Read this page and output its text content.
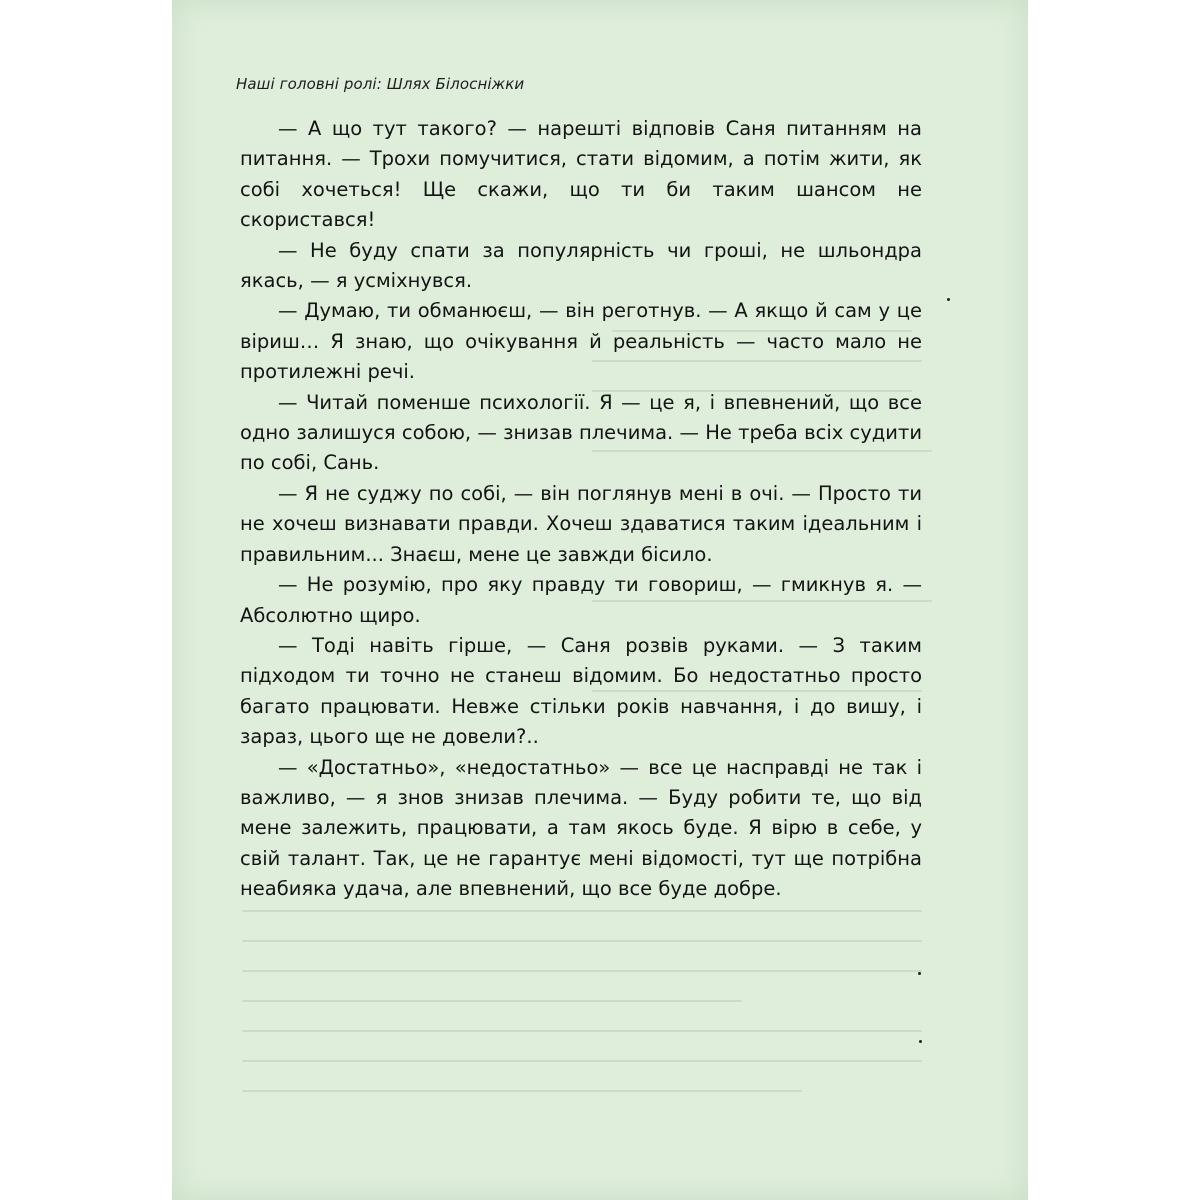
Наші головні ролі: Шлях Білосніжки

— А що тут такого? — нарешті відповів Саня питанням на питання. — Трохи помучитися, стати відомим, а потім жити, як собі хочеться! Ще скажи, що ти би таким шансом не скористався!

— Не буду спати за популярність чи гроші, не шльондра якась, — я усміхнувся.

— Думаю, ти обманюєш, — він реготнув. — А якщо й сам у це віриш… Я знаю, що очікування й реальність — часто мало не протилежні речі.

— Читай поменше психології. Я — це я, і впевнений, що все одно залишуся собою, — знизав плечима. — Не треба всіх судити по собі, Сань.

— Я не суджу по собі, — він поглянув мені в очі. — Просто ти не хочеш визнавати правди. Хочеш здаватися таким ідеальним і правильним... Знаєш, мене це завжди бісило.

— Не розумію, про яку правду ти говориш, — гмикнув я. — Абсолютно щиро.

— Тоді навіть гірше, — Саня розвів руками. — З таким підходом ти точно не станеш відомим. Бо недостатньо просто багато працювати. Невже стільки років навчання, і до вишу, і зараз, цього ще не довели?..

— «Достатньо», «недостатньо» — все це насправді не так і важливо, — я знов знизав плечима. — Буду робити те, що від мене залежить, працювати, а там якось буде. Я вірю в себе, у свій талант. Так, це не гарантує мені відомості, тут ще потрібна неабияка удача, але впевнений, що все буде добре.
